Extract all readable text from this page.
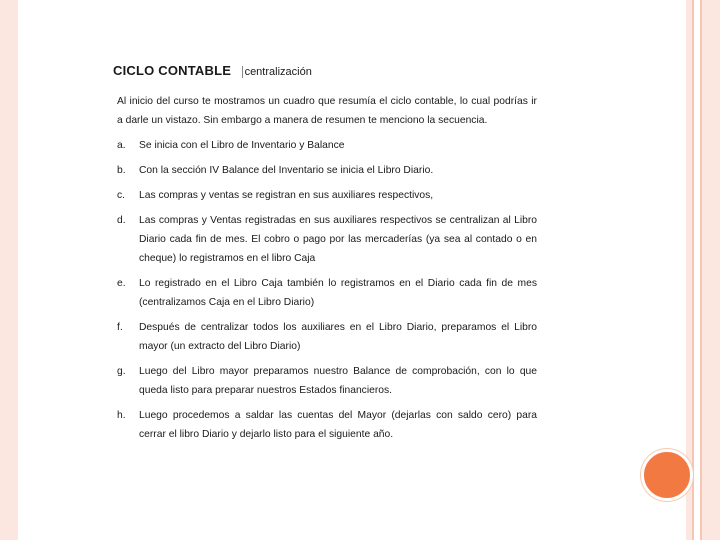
CICLO CONTABLE centralización

Al inicio del curso te mostramos un cuadro que resumía el ciclo contable, lo cual podrías ir a darle un vistazo. Sin embargo a manera de resumen te menciono la secuencia.

a.	Se inicia con el Libro de Inventario y Balance
b.	Con la sección IV Balance del Inventario se inicia el Libro Diario.
c.	Las compras y ventas se registran en sus auxiliares respectivos,
d.	Las compras y Ventas registradas en sus auxiliares respectivos se centralizan al Libro Diario cada fin de mes. El cobro o pago por las mercaderías (ya sea al contado o en cheque) lo registramos en el libro Caja
e.	Lo registrado en el Libro Caja también lo registramos en el Diario cada fin de mes (centralizamos Caja en el Libro Diario)
f.	Después de centralizar todos los auxiliares en el Libro Diario, preparamos el Libro mayor (un extracto del Libro Diario)
g.	Luego del Libro mayor preparamos nuestro Balance de comprobación, con lo que queda listo para preparar nuestros Estados financieros.
h.	Luego procedemos a saldar las cuentas del Mayor (dejarlas con saldo cero) para cerrar el libro Diario y dejarlo listo para el siguiente año.
